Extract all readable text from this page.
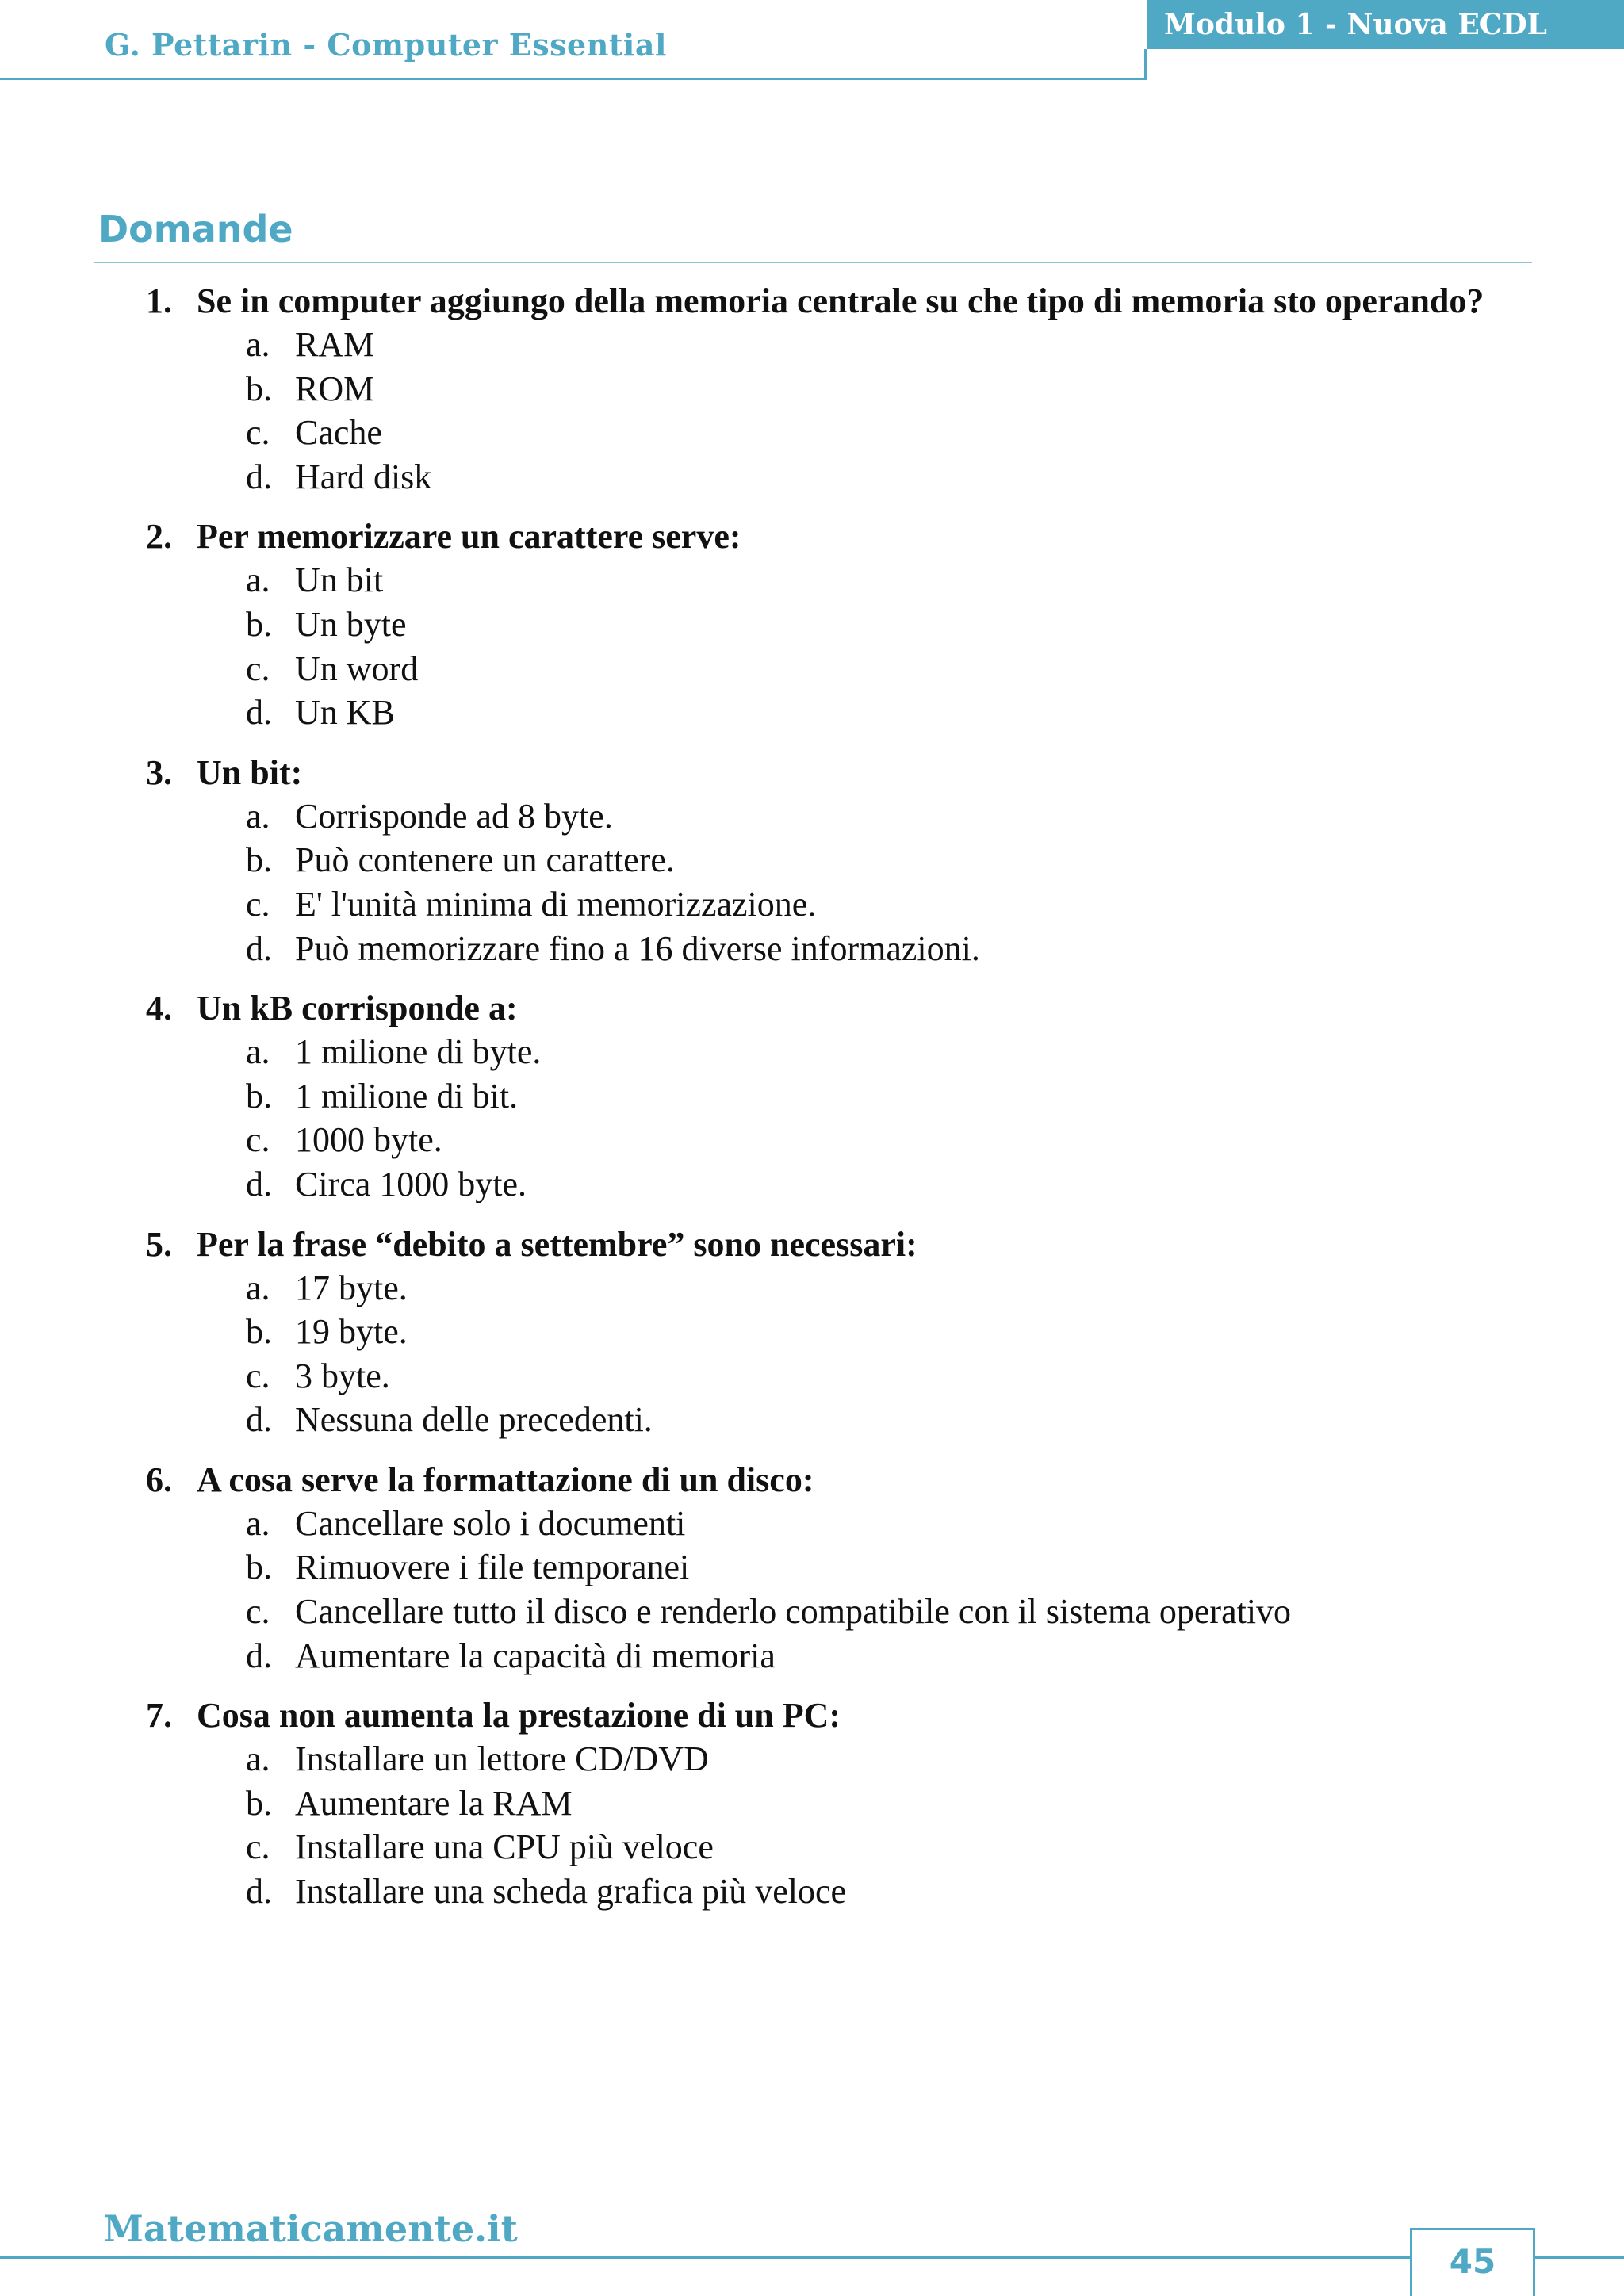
G. Pettarin - Computer Essential
Modulo 1 - Nuova ECDL
Domande
1. Se in computer aggiungo della memoria centrale su che tipo di memoria sto operando?
a. RAM
b. ROM
c. Cache
d. Hard disk
2. Per memorizzare un carattere serve:
a. Un bit
b. Un byte
c. Un word
d. Un KB
3. Un bit:
a. Corrisponde ad 8 byte.
b. Può contenere un carattere.
c. E' l'unità minima di memorizzazione.
d. Può memorizzare fino a 16 diverse informazioni.
4. Un kB corrisponde a:
a. 1 milione di byte.
b. 1 milione di bit.
c. 1000 byte.
d. Circa 1000 byte.
5. Per la frase “debito a settembre” sono necessari:
a. 17 byte.
b. 19 byte.
c. 3 byte.
d. Nessuna delle precedenti.
6. A cosa serve la formattazione di un disco:
a. Cancellare solo i documenti
b. Rimuovere i file temporanei
c. Cancellare tutto il disco e renderlo compatibile con il sistema operativo
d. Aumentare la capacità di memoria
7. Cosa non aumenta la prestazione di un PC:
a. Installare un lettore CD/DVD
b. Aumentare la RAM
c. Installare una CPU più veloce
d. Installare una scheda grafica più veloce
Matematicamente.it
45
